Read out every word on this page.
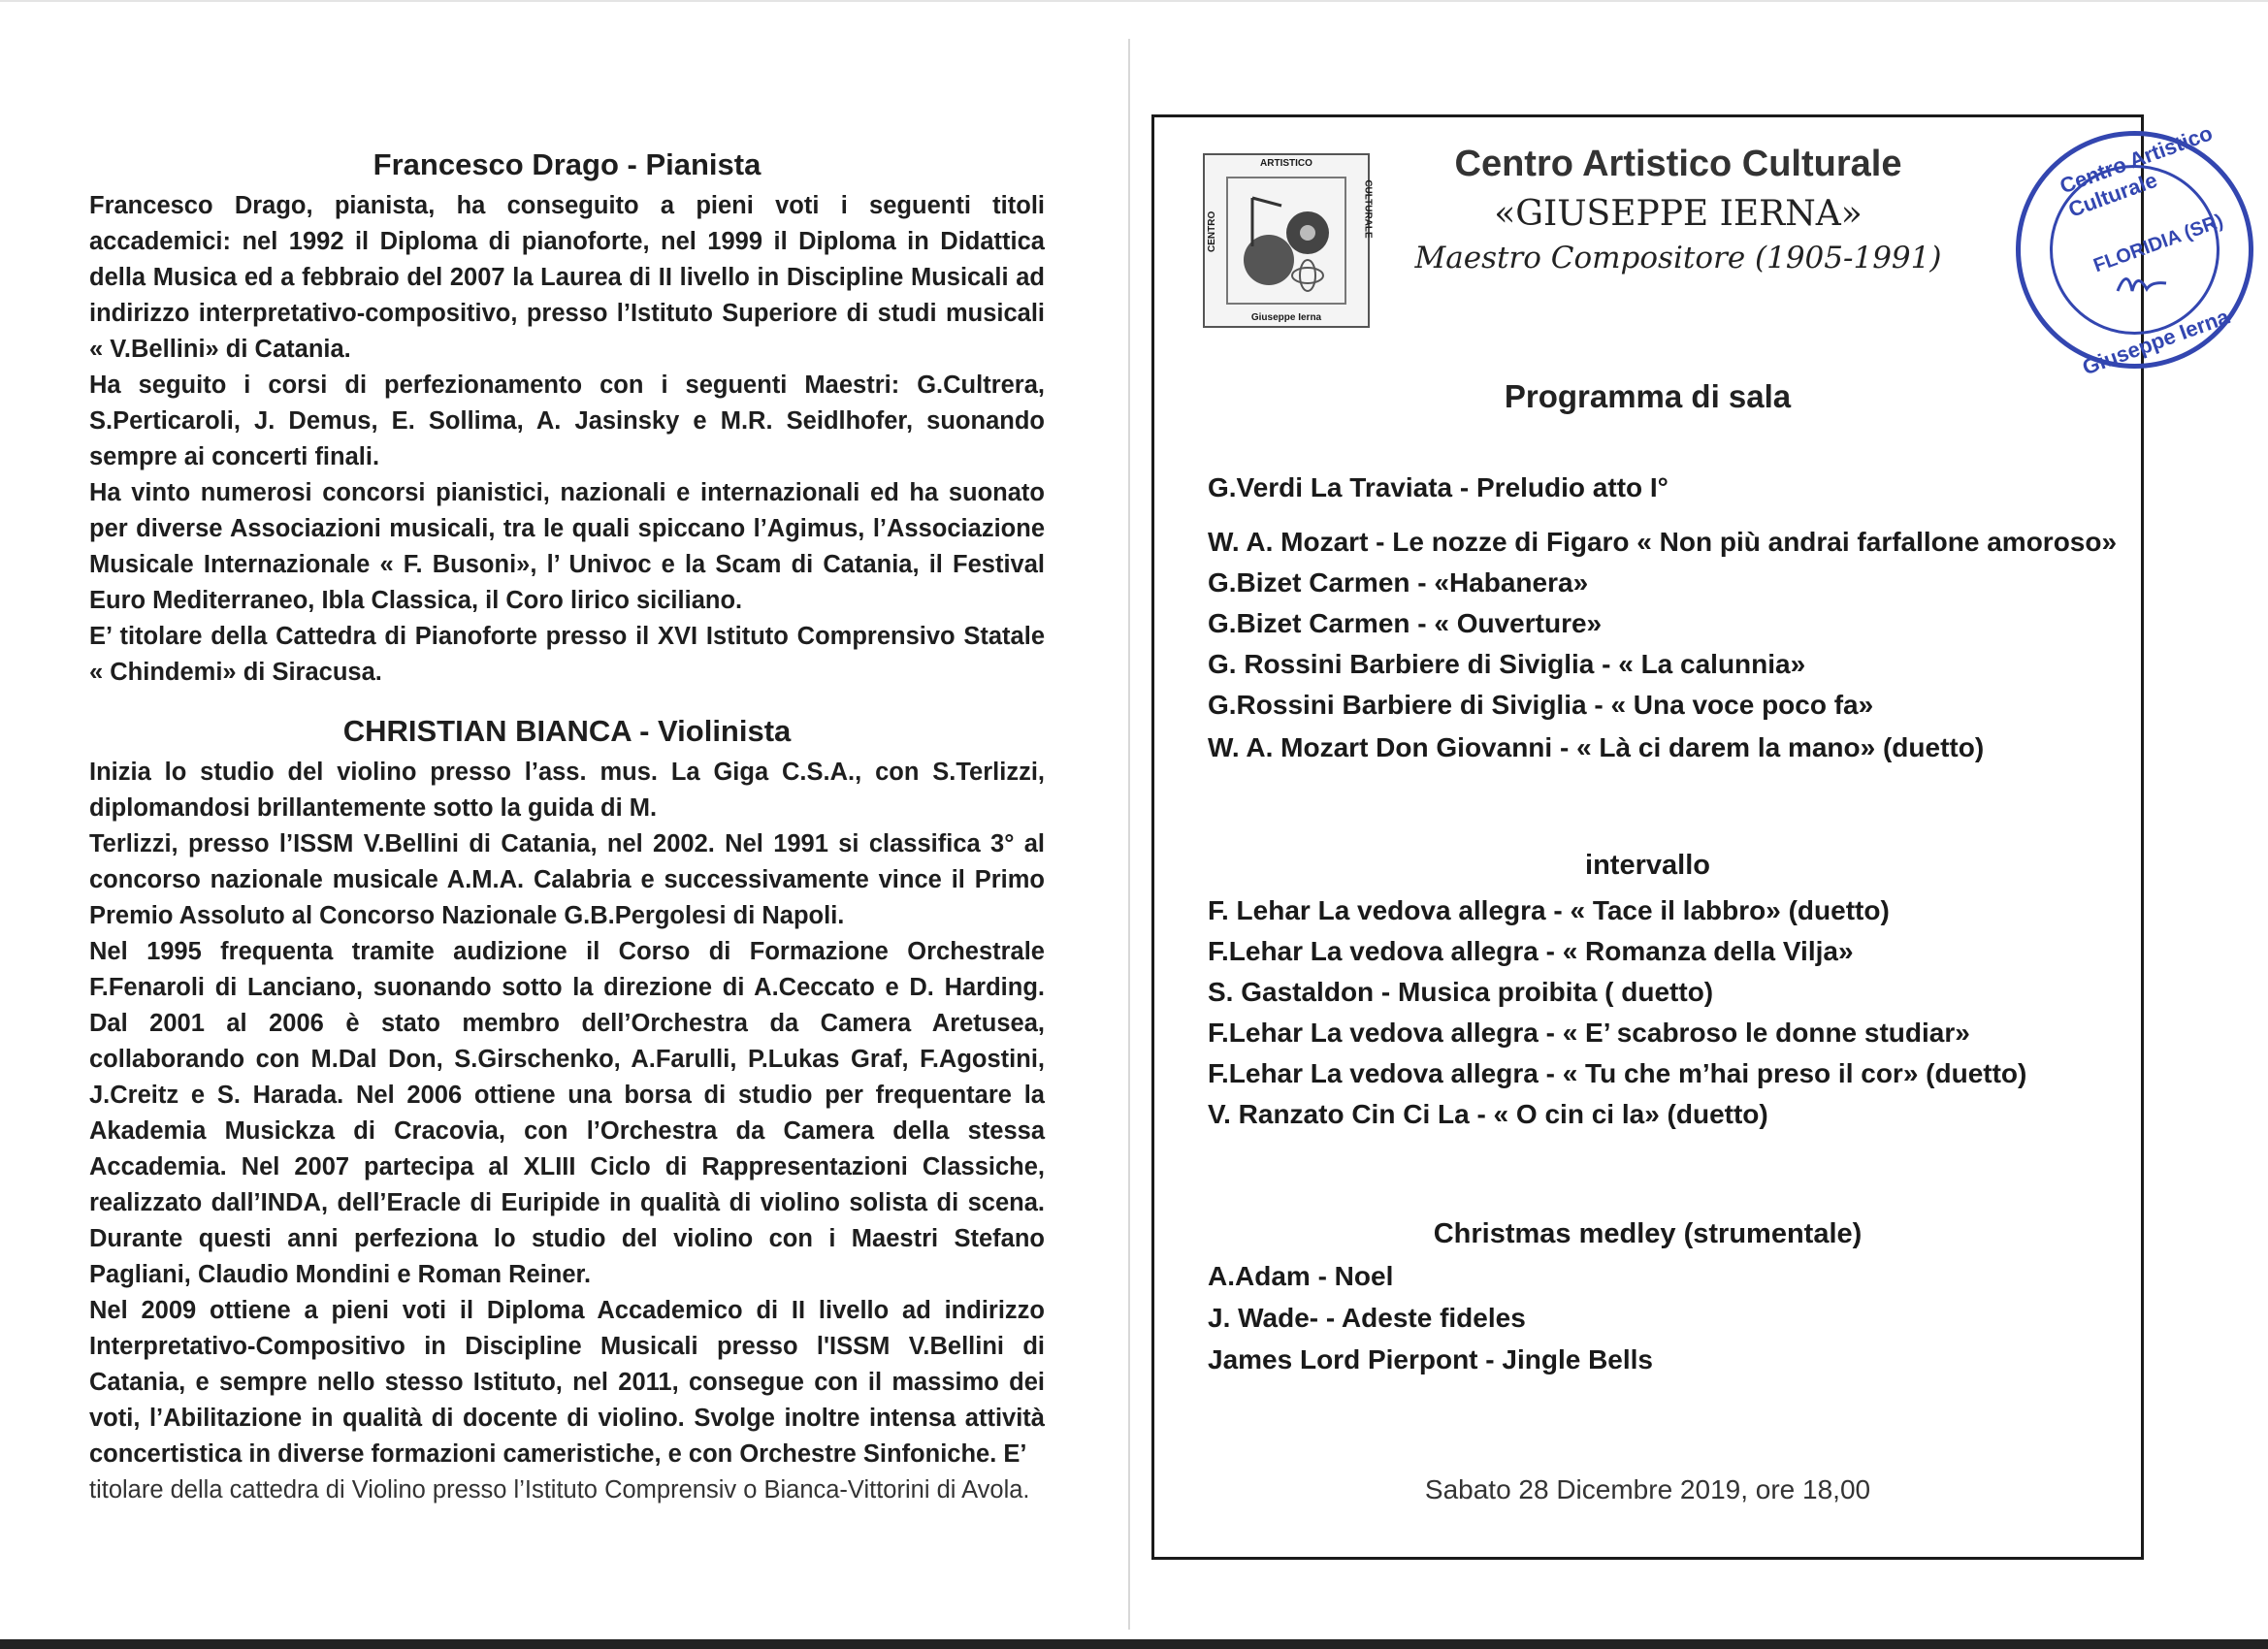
Francesco Drago - Pianista

Francesco Drago, pianista, ha conseguito a pieni voti i seguenti titoli accademici: nel 1992 il Diploma di pianoforte, nel 1999 il Diploma in Didattica della Musica ed a febbraio del 2007 la Laurea di II livello in Discipline Musicali ad indirizzo interpretativo-compositivo, presso l’Istituto Superiore di studi musicali « V.Bellini» di Catania.

Ha seguito i corsi di perfezionamento con i seguenti Maestri: G.Cultrera, S.Perticaroli, J. Demus, E. Sollima, A. Jasinsky e M.R. Seidlhofer, suonando sempre ai concerti finali.

Ha vinto numerosi concorsi pianistici, nazionali e internazionali ed ha suonato per diverse Associazioni musicali, tra le quali spiccano l’Agimus, l’Associazione Musicale Internazionale « F. Busoni», l’ Univoc e la Scam di Catania, il Festival Euro Mediterraneo, Ibla Classica, il Coro lirico siciliano.

E’ titolare della Cattedra di Pianoforte presso il XVI Istituto Comprensivo Statale « Chindemi» di Siracusa.

CHRISTIAN BIANCA - Violinista

Inizia lo studio del violino presso l’ass. mus. La Giga C.S.A., con S.Terlizzi, diplomandosi brillantemente sotto la guida di M.

Terlizzi, presso l’ISSM V.Bellini di Catania, nel 2002. Nel 1991 si classifica 3° al concorso nazionale musicale A.M.A. Calabria e successivamente vince il Primo Premio Assoluto al Concorso Nazionale G.B.Pergolesi di Napoli.

Nel 1995 frequenta tramite audizione il Corso di Formazione Orchestrale F.Fenaroli di Lanciano, suonando sotto la direzione di A.Ceccato e D. Harding. Dal 2001 al 2006 è stato membro dell’Orchestra da Camera Aretusea, collaborando con M.Dal Don, S.Girschenko, A.Farulli, P.Lukas Graf, F.Agostini, J.Creitz e S. Harada. Nel 2006 ottiene una borsa di studio per frequentare la Akademia Musickza di Cracovia, con l’Orchestra da Camera della stessa Accademia. Nel 2007 partecipa al XLIII Ciclo di Rappresentazioni Classiche, realizzato dall’INDA, dell’Eracle di Euripide in qualità di violino solista di scena. Durante questi anni perfeziona lo studio del violino con i Maestri Stefano Pagliani, Claudio Mondini e Roman Reiner.

Nel 2009 ottiene a pieni voti il Diploma Accademico di II livello ad indirizzo Interpretativo-Compositivo in Discipline Musicali presso l'ISSM V.Bellini di Catania, e sempre nello stesso Istituto, nel 2011, consegue con il massimo dei voti, l’Abilitazione in qualità di docente di violino. Svolge inoltre intensa attività concertistica in diverse formazioni cameristiche, e con Orchestre Sinfoniche. E’

titolare della cattedra di Violino presso l’Istituto Comprensiv o Bianca-Vittorini di Avola.

ARTISTICO
CENTRO	CULTURALE
Giuseppe Ierna
Centro Artistico Culturale
«GIUSEPPE IERNA»
Maestro Compositore (1905-1991)
Centro Artistico Culturale
FLORIDIA (SR)
Giuseppe Ierna
Programma di sala
G.Verdi La Traviata - Preludio atto I°
W. A. Mozart - Le nozze di Figaro « Non più andrai farfallone amoroso»
G.Bizet Carmen - «Habanera»
G.Bizet Carmen - « Ouverture»
G. Rossini Barbiere di Siviglia - « La calunnia»
G.Rossini Barbiere di Siviglia - « Una voce poco fa»
W. A. Mozart Don Giovanni - « Là ci darem la mano» (duetto)
intervallo
F. Lehar La vedova allegra - « Tace il labbro» (duetto)
F.Lehar La vedova allegra - « Romanza della Vilja»
S. Gastaldon - Musica proibita ( duetto)
F.Lehar La vedova allegra - « E’ scabroso le donne studiar»
F.Lehar La vedova allegra - « Tu che m’hai preso il cor» (duetto)
V. Ranzato Cin Ci La - « O cin ci la» (duetto)
Christmas medley (strumentale)
A.Adam - Noel
J. Wade- - Adeste fideles
James Lord Pierpont - Jingle Bells
Sabato 28 Dicembre 2019, ore 18,00
